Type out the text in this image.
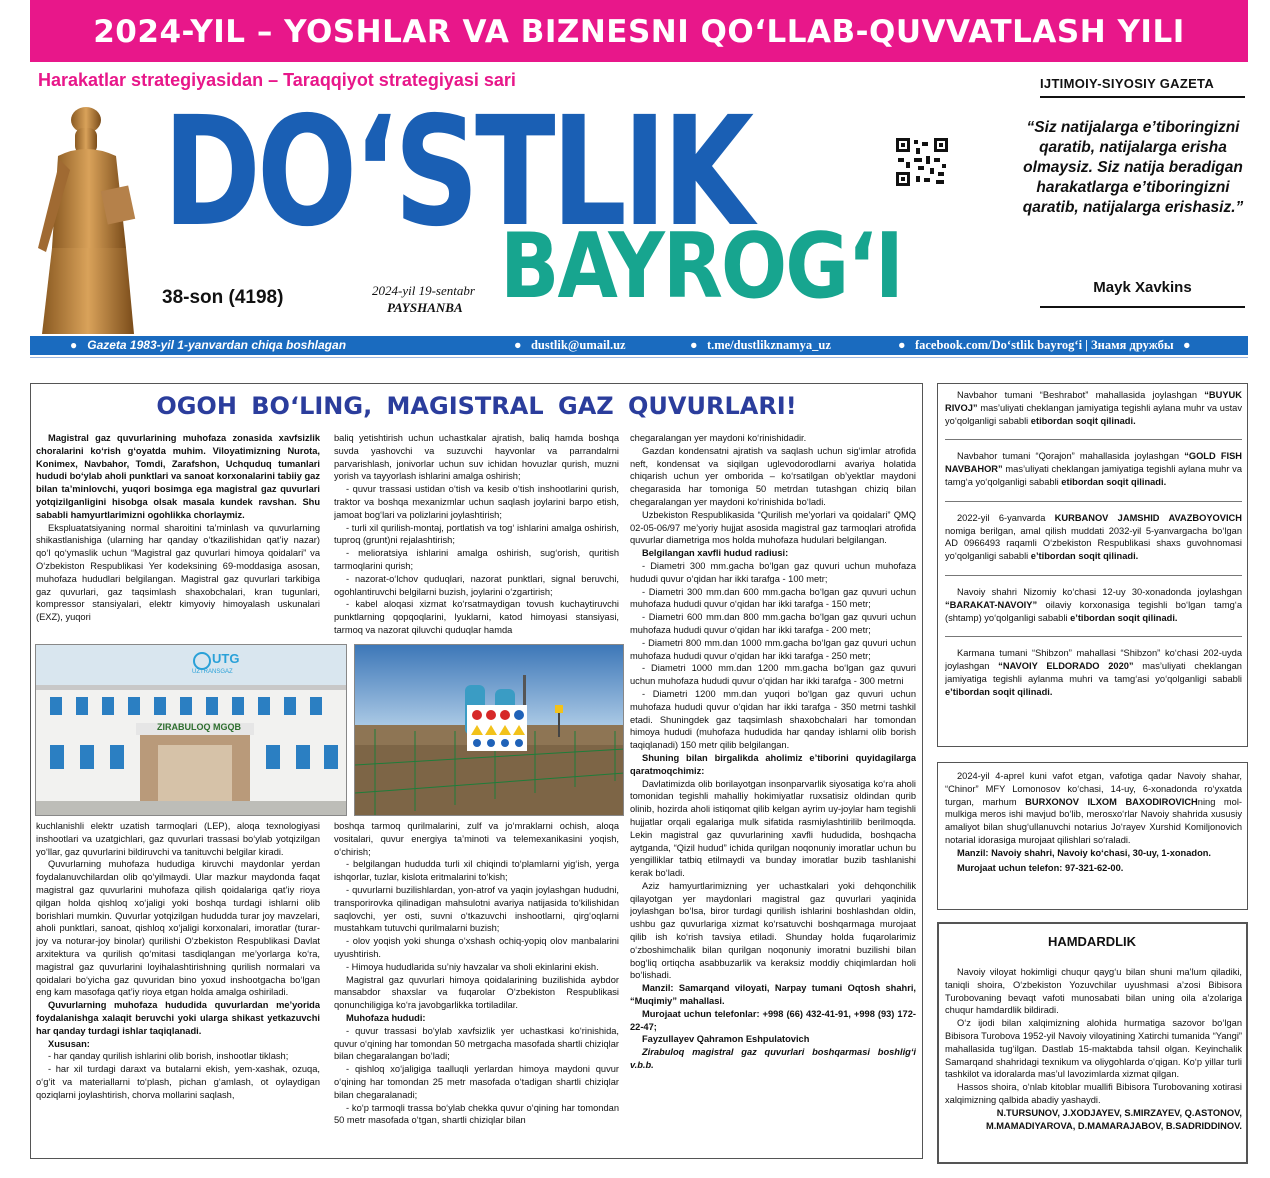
2024-YIL – YOSHLAR VA BIZNESNI QO‘LLAB-QUVVATLASH YILI
Harakatlar strategiyasidan – Taraqqiyot strategiyasi sari
DO‘STLIK
BAYROG‘I
38-son (4198)	2024-yil 19-sentabr
PAYSHANBA
IJTIMOIY-SIYOSIY GAZETA
“Siz natijalarga e’tiboringizni qaratib, natijalarga erisha olmaysiz. Siz natija beradigan harakatlarga e’tiboringizni qaratib, natijalarga erishasiz.”
Mayk Xavkins
●   Gazeta 1983-yil 1-yanvardan chiqa boshlagan	●   dustlik@umail.uz	●   t.me/dustlikznamya_uz	●   facebook.com/Do‘stlik bayrog‘i | Знамя дружбы   ●
OGOH BO‘LING, MAGISTRAL GAZ QUVURLARI!

Magistral gaz quvurlarining muhofaza zonasida xavfsizlik choralarini ko‘rish g‘oyatda muhim. Viloyatimizning Nurota, Konimex, Navbahor, Tomdi, Zarafshon, Uchquduq tumanlari hududi bo‘ylab aholi punktlari va sanoat korxonalarini tabiiy gaz bilan ta’minlovchi, yuqori bosimga ega magistral gaz quvurlari yotqizilganligini hisobga olsak masala kundek ravshan. Shu sababli hamyurtlarimizni ogohlikka chorlaymiz.

Ekspluatatsiyaning normal sharoitini ta’minlash va quvurlarning shikastlanishiga (ularning har qanday o‘tkazilishidan qat’iy nazar) qo‘l qo‘ymaslik uchun “Magistral gaz quvurlari himoya qoidalari” va O‘zbekiston Respublikasi Yer kodeksining 69-moddasiga asosan, muhofaza hududlari belgilangan. Magistral gaz quvurlari tarkibiga gaz quvurlari, gaz taqsimlash shaxobchalari, kran tugunlari, kompressor stansiyalari, elektr kimyoviy himoyalash uskunalari (EXZ), yuqori

baliq yetishtirish uchun uchastkalar ajratish, baliq hamda boshqa suvda yashovchi va suzuvchi hayvonlar va parrandalrni parvarishlash, jonivorlar uchun suv ichidan hovuzlar qurish, muzni yorish va tayyorlash ishlarini amalga oshirish;

- quvur trassasi ustidan o‘tish va kesib o‘tish inshootlarini qurish, traktor va boshqa mexanizmlar uchun saqlash joylarini barpo etish, jamoat bog‘lari va polizlarini joylashtirish;

- turli xil qurilish-montaj, portlatish va tog‘ ishlarini amalga oshirish, tuproq (grunt)ni rejalashtirish;

- melioratsiya ishlarini amalga oshirish, sug‘orish, quritish tarmoqlarini qurish;

- nazorat-o‘lchov quduqlari, nazorat punktlari, signal beruvchi, ogohlantiruvchi belgilarni buzish, joylarini o‘zgartirish;

- kabel aloqasi xizmat ko‘rsatmaydigan tovush kuchaytiruvchi punktlarning qopqoqlarini, lyuklarni, katod himoyasi stansiyasi, tarmoq va nazorat qiluvchi quduqlar hamda

UTG
UZTRANSGAZ
ZIRABULOQ MGQB

kuchlanishli elektr uzatish tarmoqlari (LEP), aloqa texnologiyasi inshootlari va uzatgichlari, gaz quvurlari trassasi bo‘ylab yotqizilgan yo‘llar, gaz quvurlarini bildiruvchi va tanituvchi belgilar kiradi.

Quvurlarning muhofaza hududiga kiruvchi maydonlar yerdan foydalanuvchilardan olib qo‘yilmaydi. Ular mazkur maydonda faqat magistral gaz quvurlarini muhofaza qilish qoidalariga qat’iy rioya qilgan holda qishloq xo‘jaligi yoki boshqa turdagi ishlarni olib borishlari mumkin. Quvurlar yotqizilgan hududda turar joy mavzelari, aholi punktlari, sanoat, qishloq xo‘jaligi korxonalari, imoratlar (turar-joy va noturar-joy binolar) qurilishi O‘zbekiston Respublikasi Davlat arxitektura va qurilish qo‘mitasi tasdiqlangan me’yorlarga ko‘ra, magistral gaz quvurlarini loyihalashtirishning qurilish normalari va qoidalari bo‘yicha gaz quvuridan bino yoxud inshootgacha bo‘lgan eng kam masofaga qat’iy rioya etgan holda amalga oshiriladi.

Quvurlarning muhofaza hududida quvurlardan me’yorida foydalanishga xalaqit beruvchi yoki ularga shikast yetkazuvchi har qanday turdagi ishlar taqiqlanadi.

Xususan:

- har qanday qurilish ishlarini olib borish, inshootlar tiklash;

- har xil turdagi daraxt va butalarni ekish, yem-xashak, ozuqa, o‘g‘it va materiallarni to‘plash, pichan g‘amlash, ot oylaydigan qoziqlarni joylashtirish, chorva mollarini saqlash,

boshqa tarmoq qurilmalarini, zulf va jo‘mraklarni ochish, aloqa vositalari, quvur energiya ta’minoti va telemexanikasini yoqish, o‘chirish;

- belgilangan hududda turli xil chiqindi to‘plamlarni yig‘ish, yerga ishqorlar, tuzlar, kislota eritmalarini to‘kish;

- quvurlarni buzilishlardan, yon-atrof va yaqin joylashgan hududni, transporirovka qilinadigan mahsulotni avariya natijasida to‘kilishidan saqlovchi, yer osti, suvni o‘tkazuvchi inshootlarni, qirg‘oqlarni mustahkam tutuvchi qurilmalarni buzish;

- olov yoqish yoki shunga o‘xshash ochiq-yopiq olov manbalarini uyushtirish.

- Himoya hududlarida su’niy havzalar va sholi ekinlarini ekish.

Magistral gaz quvurlari himoya qoidalarining buzilishida aybdor mansabdor shaxslar va fuqarolar O‘zbekiston Respublikasi qonunchiligiga ko‘ra javobgarlikka tortiladilar.

Muhofaza hududi:

- quvur trassasi bo‘ylab xavfsizlik yer uchastkasi ko‘rinishida, quvur o‘qining har tomondan 50 metrgacha masofada shartli chiziqlar bilan chegaralangan bo‘ladi;

- qishloq xo‘jaligiga taalluqli yerlardan himoya maydoni quvur o‘qining har tomondan 25 metr masofada o‘tadigan shartli chiziqlar bilan chegaralanadi;

- ko‘p tarmoqli trassa bo‘ylab chekka quvur o‘qining har tomondan 50 metr masofada o‘tgan, shartli chiziqlar bilan

chegaralangan yer maydoni ko‘rinishidadir.

Gazdan kondensatni ajratish va saqlash uchun sig‘imlar atrofida neft, kondensat va siqilgan uglevodorodlarni avariya holatida chiqarish uchun yer omborida – ko‘rsatilgan ob’yektlar maydoni chegarasida har tomoniga 50 metrdan tutashgan chiziq bilan chegaralangan yer maydoni ko‘rinishida bo‘ladi.

Uzbekiston Respublikasida “Qurilish me’yorlari va qoidalari” QMQ 02-05-06/97 me’yoriy hujjat asosida magistral gaz tarmoqlari atrofida quvurlar diametriga mos holda muhofaza hudulari belgilangan.

Belgilangan xavfli hudud radiusi:

- Diametri 300 mm.gacha bo‘lgan gaz quvuri uchun muhofaza hududi quvur o‘qidan har ikki tarafga - 100 metr;

- Diametri 300 mm.dan 600 mm.gacha bo‘lgan gaz quvuri uchun muhofaza hududi quvur o‘qidan har ikki tarafga - 150 metr;

- Diametri 600 mm.dan 800 mm.gacha bo‘lgan gaz quvuri uchun muhofaza hududi quvur o‘qidan har ikki tarafga - 200 metr;

- Diametri 800 mm.dan 1000 mm.gacha bo‘lgan gaz quvuri uchun muhofaza hududi quvur o‘qidan har ikki tarafga - 250 metr;

- Diametri 1000 mm.dan 1200 mm.gacha bo‘lgan gaz quvuri uchun muhofaza hududi quvur o‘qidan har ikki tarafga - 300 metrni

- Diametri 1200 mm.dan yuqori bo‘lgan gaz quvuri uchun muhofaza hududi quvur o‘qidan har ikki tarafga - 350 metrni tashkil etadi. Shuningdek gaz taqsimlash shaxobchalari har tomondan himoya hududi (muhofaza hududida har qanday ishlarni olib borish taqiqlanadi) 150 metr qilib belgilangan.

Shuning bilan birgalikda aholimiz e’tiborini quyidagilarga qaratmoqchimiz:

Davlatimizda olib borilayotgan insonparvarlik siyosatiga ko‘ra aholi tomonidan tegishli mahalliy hokimiyatlar ruxsatisiz oldindan qurib olinib, hozirda aholi istiqomat qilib kelgan ayrim uy-joylar ham tegishli hujjatlar orqali egalariga mulk sifatida rasmiylashtirilib berilmoqda. Lekin magistral gaz quvurlarining xavfli hududida, boshqacha aytganda, “Qizil hudud” ichida qurilgan noqonuniy imoratlar uchun bu yengilliklar tatbiq etilmaydi va bunday imoratlar buzib tashlanishi kerak bo‘ladi.

Aziz hamyurtlarimizning yer uchastkalari yoki dehqonchilik qilayotgan yer maydonlari magistral gaz quvurlari yaqinida joylashgan bo‘lsa, biror turdagi qurilish ishlarini boshlashdan oldin, ushbu gaz quvurlariga xizmat ko‘rsatuvchi boshqarmaga murojaat qilib ish ko‘rish tavsiya etiladi. Shunday holda fuqarolarimiz o‘zboshimchalik bilan qurilgan noqonuniy imoratni buzilishi bilan bog‘liq ortiqcha asabbuzarlik va keraksiz moddiy chiqimlardan holi bo‘lishadi.

Manzil: Samarqand viloyati, Narpay tumani Oqtosh shahri, “Muqimiy” mahallasi.

Murojaat uchun telefonlar: +998 (66) 432-41-91, +998 (93) 172-22-47;

Fayzullayev Qahramon Eshpulatovich

Zirabuloq magistral gaz quvurlari boshqarmasi boshlig‘i v.b.b.

Navbahor tumani “Beshrabot” mahallasida joylashgan “BUYUK RIVOJ” mas’uliyati cheklangan jamiyatiga tegishli aylana muhr va ustav yo‘qolganligi sababli etibordan soqit qilinadi.

Navbahor tumani “Qorajon” mahallasida joylashgan “GOLD FISH NAVBAHOR” mas’uliyati cheklangan jamiyatiga tegishli aylana muhr va tamg‘a yo‘qolganligi sababli etibordan soqit qilinadi.

2022-yil 6-yanvarda KURBANOV JAMSHID AVAZBOYOVICH nomiga berilgan, amal qilish muddati 2032-yil 5-yanvargacha bo‘lgan AD 0966493 raqamli O‘zbekiston Respublikasi shaxs guvohnomasi yo‘qolganligi sababli e’tibordan soqit qilinadi.

Navoiy shahri Nizomiy ko‘chasi 12-uy 30-xonadonda joylashgan “BARAKAT-NAVOIY” oilaviy korxonasiga tegishli bo‘lgan tamg‘a (shtamp) yo‘qolganligi sababli e’tibordan soqit qilinadi.

Karmana tumani “Shibzon” mahallasi “Shibzon” ko‘chasi 202-uyda joylashgan “NAVOIY ELDORADO 2020” mas’uliyati cheklangan jamiyatiga tegishli aylanma muhri va tamg‘asi yo‘qolganligi sababli e’tibordan soqit qilinadi.

2024-yil 4-aprel kuni vafot etgan, vafotiga qadar Navoiy shahar, “Chinor” MFY Lomonosov ko‘chasi, 14-uy, 6-xonadonda ro‘yxatda turgan, marhum BURXONOV ILXOM BAXODIROVICHning mol-mulkiga meros ishi mavjud bo‘lib, merosxo‘rlar Navoiy shahrida xususiy amaliyot bilan shug‘ullanuvchi notarius Jo‘rayev Xurshid Komiljonovich notarial idorasiga murojaat qilishlari so‘raladi.

Manzil: Navoiy shahri, Navoiy ko‘chasi, 30-uy, 1-xonadon.

Murojaat uchun telefon: 97-321-62-00.

HAMDARDLIK

Navoiy viloyat hokimligi chuqur qayg‘u bilan shuni ma’lum qiladiki, taniqli shoira, O‘zbekiston Yozuvchilar uyushmasi a’zosi Bibisora Turobovaning bevaqt vafoti munosabati bilan uning oila a’zolariga chuqur hamdardlik bildiradi.

O‘z ijodi bilan xalqimizning alohida hurmatiga sazovor bo‘lgan Bibisora Turobova 1952-yil Navoiy viloyatining Xatirchi tumanida “Yangi” mahallasida tug‘ilgan. Dastlab 15-maktabda tahsil olgan. Keyinchalik Samarqand shahridagi texnikum va oliygohlarda o‘qigan. Ko‘p yillar turli tashkilot va idoralarda mas’ul lavozimlarda xizmat qilgan.

Hassos shoira, o‘nlab kitoblar muallifi Bibisora Turobovaning xotirasi xalqimizning qalbida abadiy yashaydi.

N.TURSUNOV, J.XODJAYEV, S.MIRZAYEV, Q.ASTONOV, M.MAMADIYAROVA, D.MAMARAJABOV, B.SADRIDDINOV.
